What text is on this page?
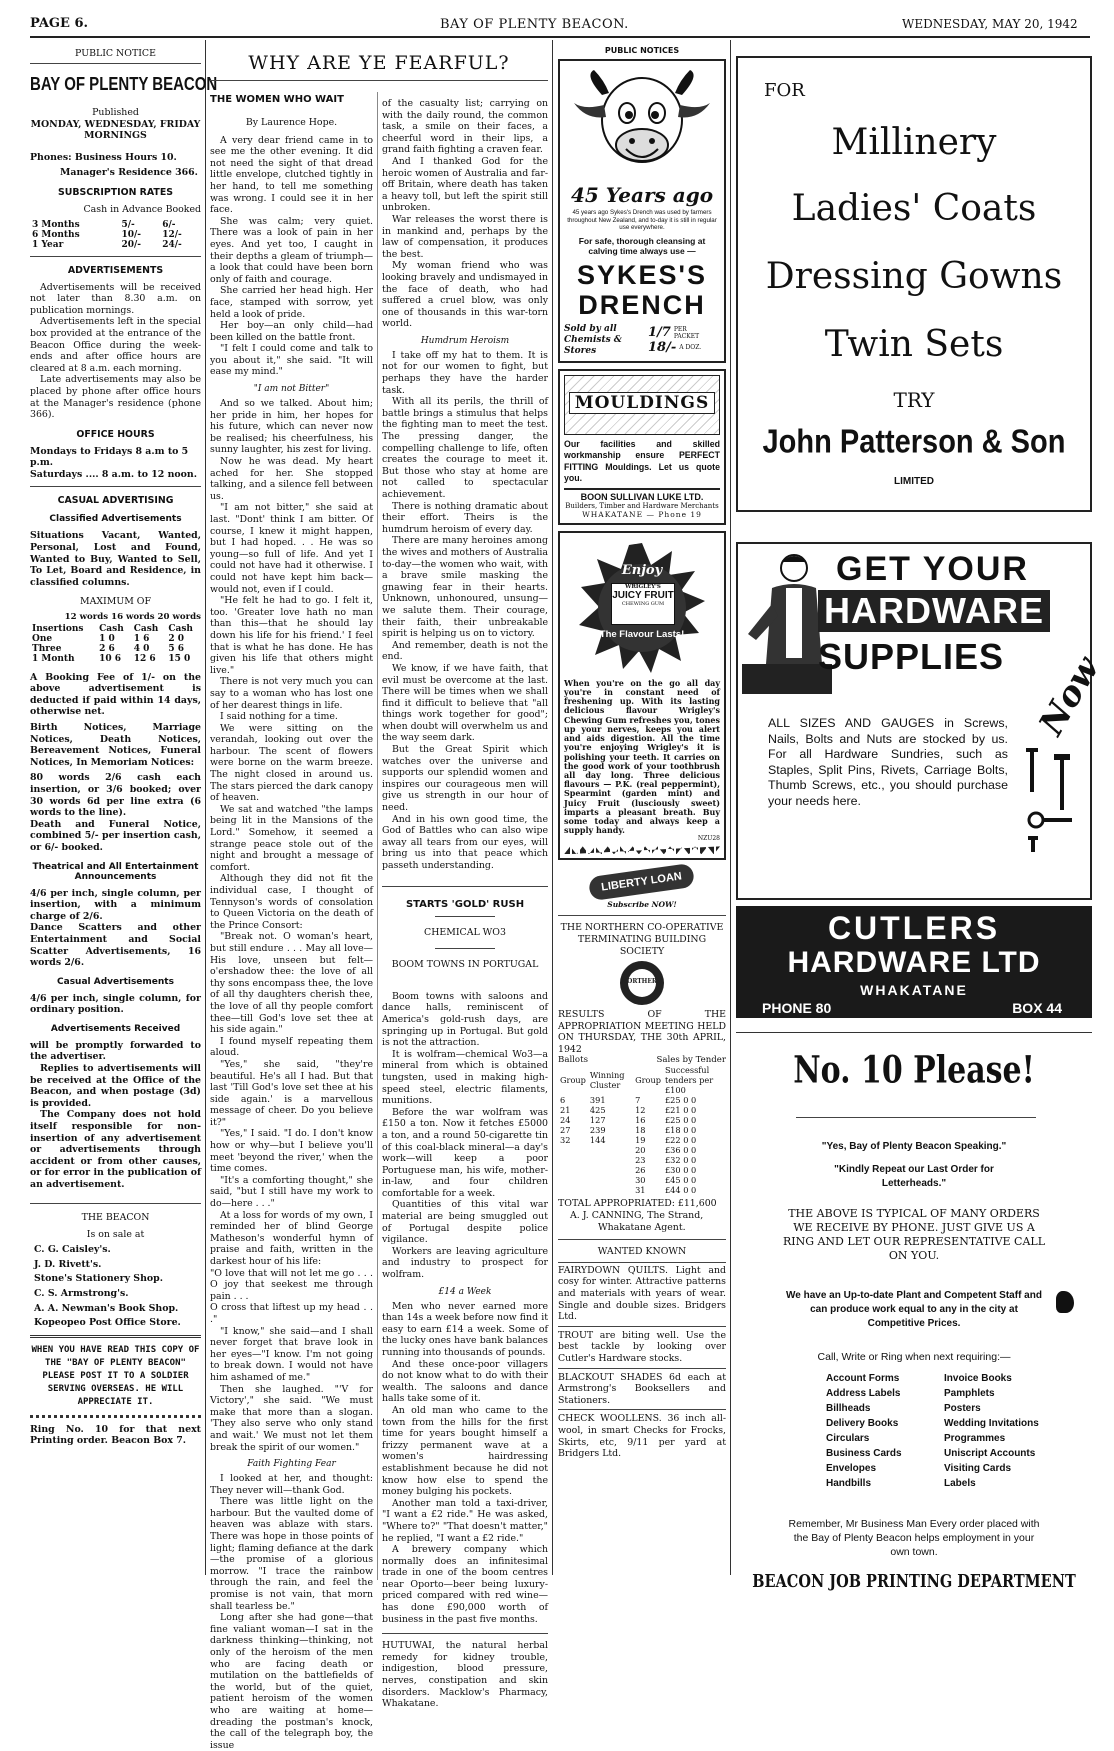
PAGE 6.	BAY OF PLENTY BEACON.	WEDNESDAY, MAY 20, 1942

PUBLIC NOTICE

BAY OF PLENTY BEACON

Published

MONDAY, WEDNESDAY, FRIDAY

MORNINGS

Phones: Business Hours 10.

Manager's Residence 366.

SUBSCRIPTION RATES

Cash in Advance Booked

3 Months	5/-	6/-
6 Months	10/-	12/-
1 Year	20/-	24/-

ADVERTISEMENTS

Advertisements will be received not later than 8.30 a.m. on publication mornings.

Advertisements left in the special box provided at the entrance of the Beacon Office during the week-ends and after office hours are cleared at 8 a.m. each morning.

Late advertisements may also be placed by phone after office hours at the Manager's residence (phone 366).

OFFICE HOURS

Mondays to Fridays 8 a.m to 5 p.m.

Saturdays .... 8 a.m. to 12 noon.

CASUAL ADVERTISING

Classified Advertisements

Situations Vacant, Wanted, Personal, Lost and Found, Wanted to Buy, Wanted to Sell, To Let, Board and Residence, in classified columns.

MAXIMUM OF

12 words 16 words 20 words

Insertions	Cash	Cash	Cash
One	1 0	1 6	2 0
Three	2 6	4 0	5 6
1 Month	10 6	12 6	15 0

A Booking Fee of 1/- on the above advertisement is deducted if paid within 14 days, otherwise net.

Birth Notices, Marriage Notices, Death Notices, Bereavement Notices, Funeral Notices, In Memoriam Notices:

80 words 2/6 cash each insertion, or 3/6 booked; over 30 words 6d per line extra (6 words to the line).

Death and Funeral Notice, combined 5/- per insertion cash, or 6/- booked.

Theatrical and All Entertainment Announcements

4/6 per inch, single column, per insertion, with a minimum charge of 2/6.

Dance Scatters and other Entertainment and Social Scatter Advertisements, 16 words 2/6.

Casual Advertisements

4/6 per inch, single column, for ordinary position.

Advertisements Received

will be promptly forwarded to the advertiser.

Replies to advertisements will be received at the Office of the Beacon, and when postage (3d) is provided.

The Company does not hold itself responsible for non-insertion of any advertisement or advertisements through accident or from other causes, or for error in the publication of an advertisement.

THE BEACON

Is on sale at

C. G. Caisley's.

J. D. Rivett's.

Stone's Stationery Shop.

C. S. Armstrong's.

A. A. Newman's Book Shop.

Kopeopeo Post Office Store.

WHEN YOU HAVE READ THIS COPY OF THE "BAY OF PLENTY BEACON" PLEASE POST IT TO A SOLDIER SERVING OVERSEAS. HE WILL APPRECIATE IT.

Ring No. 10 for that next Printing order. Beacon Box 7.

WHY ARE YE FEARFUL?

THE WOMEN WHO WAIT

By Laurence Hope.

A very dear friend came in to see me the other evening. It did not need the sight of that dread little envelope, clutched tightly in her hand, to tell me something was wrong. I could see it in her face.

She was calm; very quiet. There was a look of pain in her eyes. And yet too, I caught in their depths a gleam of triumph—a look that could have been born only of faith and courage.

She carried her head high. Her face, stamped with sorrow, yet held a look of pride.

Her boy—an only child—had been killed on the battle front.

"I felt I could come and talk to you about it," she said. "It will ease my mind."

"I am not Bitter"

And so we talked. About him; her pride in him, her hopes for his future, which can never now be realised; his cheerfulness, his sunny laughter, his zest for living.

Now he was dead. My heart ached for her. She stopped talking, and a silence fell between us.

"I am not bitter," she said at last. "Dont' think I am bitter. Of course, I knew it might happen, but I had hoped. . . He was so young—so full of life. And yet I could not have had it otherwise. I could not have kept him back—would not, even if I could.

"He felt he had to go. I felt it, too. 'Greater love hath no man than this—that he should lay down his life for his friend.' I feel that is what he has done. He has given his life that others might live."

There is not very much you can say to a woman who has lost one of her dearest things in life.

I said nothing for a time.

We were sitting on the verandah, looking out over the harbour. The scent of flowers were borne on the warm breeze. The night closed in around us. The stars pierced the dark canopy of heaven.

We sat and watched "the lamps being lit in the Mansions of the Lord." Somehow, it seemed a strange peace stole out of the night and brought a message of comfort.

Although they did not fit the individual case, I thought of Tennyson's words of consolation to Queen Victoria on the death of the Prince Consort:

"Break not. O woman's heart, but still endure . . . May all love—His love, unseen but felt—o'ershadow thee: the love of all thy sons encompass thee, the love of all thy daughters cherish thee, the love of all thy people comfort thee—till God's love set thee at his side again."

I found myself repeating them aloud.

"Yes," she said, "they're beautiful. He's all I had. But that last 'Till God's love set thee at his side again.' is a marvellous message of cheer. Do you believe it?"

"Yes," I said. "I do. I don't know how or why—but I believe you'll meet 'beyond the river,' when the time comes.

"It's a comforting thought," she said, "but I still have my work to do—here . . ."

At a loss for words of my own, I reminded her of blind George Matheson's wonderful hymn of praise and faith, written in the darkest hour of his life:

"O love that will not let me go . . . O joy that seekest me through pain . . .

O cross that liftest up my head . . ."

"I know," she said—and I shall never forget that brave look in her eyes—"I know. I'm not going to break down. I would not have him ashamed of me."

Then she laughed. "'V for Victory'," she said. "We must make that more than a slogan. 'They also serve who only stand and wait.' We must not let them break the spirit of our women."

Faith Fighting Fear

I looked at her, and thought: They never will—thank God.

There was little light on the harbour. But the vaulted dome of heaven was ablaze with stars. There was hope in those points of light; flaming defiance at the dark—the promise of a glorious morrow. "I trace the rainbow through the rain, and feel the promise is not vain, that morn shall tearless be."

Long after she had gone—that fine valiant woman—I sat in the darkness thinking—thinking, not only of the heroism of the men who are facing death or mutilation on the battlefields of the world, but of the quiet, patient heroism of the women who are waiting at home—dreading the postman's knock, the call of the telegraph boy, the issue

of the casualty list; carrying on with the daily round, the common task, a smile on their faces, a cheerful word in their lips, a grand faith fighting a craven fear.

And I thanked God for the heroic women of Australia and far-off Britain, where death has taken a heavy toll, but left the spirit still unbroken.

War releases the worst there is in mankind and, perhaps by the law of compensation, it produces the best.

My woman friend who was looking bravely and undismayed in the face of death, who had suffered a cruel blow, was only one of thousands in this war-torn world.

Humdrum Heroism

I take off my hat to them. It is not for our women to fight, but perhaps they have the harder task.

With all its perils, the thrill of battle brings a stimulus that helps the fighting man to meet the test. The pressing danger, the compelling challenge to life, often creates the courage to meet it. But those who stay at home are not called to spectacular achievement.

There is nothing dramatic about their effort. Theirs is the humdrum heroism of every day.

There are many heroines among the wives and mothers of Australia to-day—the women who wait, with a brave smile masking the gnawing fear in their hearts. Unknown, unhonoured, unsung—we salute them. Their courage, their faith, their unbreakable spirit is helping us on to victory.

And remember, death is not the end.

We know, if we have faith, that evil must be overcome at the last. There will be times when we shall find it difficult to believe that "all things work together for good"; when doubt will overwhelm us and the way seem dark.

But the Great Spirit which watches over the universe and supports our splendid women and inspires our courageous men will give us strength in our hour of need.

And in his own good time, the God of Battles who can also wipe away all tears from our eyes, will bring us into that peace which passeth understanding.

STARTS 'GOLD' RUSH

CHEMICAL WO3

BOOM TOWNS IN PORTUGAL

Boom towns with saloons and dance halls, reminiscent of America's gold-rush days, are springing up in Portugal. But gold is not the attraction.

It is wolfram—chemical Wo3—a mineral from which is obtained tungsten, used in making high-speed steel, electric filaments, munitions.

Before the war wolfram was £150 a ton. Now it fetches £5000 a ton, and a round 50-cigarette tin of this coal-black mineral—a day's work—will keep a poor Portuguese man, his wife, mother-in-law, and four children comfortable for a week.

Quantities of this vital war material are being smuggled out of Portugal despite police vigilance.

Workers are leaving agriculture and industry to prospect for wolfram.

£14 a Week

Men who never earned more than 14s a week before now find it easy to earn £14 a week. Some of the lucky ones have bank balances running into thousands of pounds.

And these once-poor villagers do not know what to do with their wealth. The saloons and dance halls take some of it.

An old man who came to the town from the hills for the first time for years bought himself a frizzy permanent wave at a women's hairdressing establishment because he did not know how else to spend the money bulging his pockets.

Another man told a taxi-driver, "I want a £2 ride." He was asked, "Where to?" "That doesn't matter," he replied, "I want a £2 ride."

A brewery company which normally does an infinitesimal trade in one of the boom centres near Oporto—beer being luxury-priced compared with red wine—has done £90,000 worth of business in the past five months.

HUTUWAI, the natural herbal remedy for kidney trouble, indigestion, blood pressure, nerves, constipation and skin disorders. Macklow's Pharmacy, Whakatane.

PUBLIC NOTICES

45 Years ago

45 years ago Sykes's Drench was used by farmers throughout New Zealand, and to-day it is still in regular use everywhere.

For safe, thorough cleansing at calving time always use —

SYKES'S

DRENCH

Sold by all Chemists & Stores

1/7 PER PACKET
18/- A DOZ.

MOULDINGS

Our facilities and skilled workmanship ensure PERFECT FITTING Mouldings. Let us quote you.

BOON SULLIVAN LUKE LTD.

Builders, Timber and Hardware Merchants

WHAKATANE — Phone 19

Enjoy

WRIGLEY'S

JUICY FRUIT

CHEWING GUM

The Flavour Lasts!

When you're on the go all day you're in constant need of freshening up. With its lasting delicious flavour Wrigley's Chewing Gum refreshes you, tones up your nerves, keeps you alert and aids digestion. All the time you're enjoying Wrigley's it is polishing your teeth. It carries on the good work of your toothbrush all day long. Three delicious flavours — P.K. (real peppermint), Spearmint (garden mint) and Juicy Fruit (lusciously sweet) imparts a pleasant breath. Buy some today and always keep a supply handy.

NZU28

LIBERTY LOAN

Subscribe NOW!

THE NORTHERN CO-OPERATIVE

TERMINATING BUILDING

SOCIETY

NORTHERN

RESULTS OF THE APPROPRIATION MEETING HELD ON THURSDAY, THE 30th APRIL, 1942

Ballots	Sales by Tender
Group	Winning Cluster	Group	Successful tenders per £100
6	391	7	£25 0 0
21	425	12	£21 0 0
24	127	16	£25 0 0
27	239	18	£18 0 0
32	144	19	£22 0 0
		20	£36 0 0
		23	£32 0 0
		26	£30 0 0
		30	£45 0 0
		31	£44 0 0

TOTAL APPROPRIATED: £11,600

A. J. CANNING, The Strand,

Whakatane Agent.

WANTED KNOWN

FAIRYDOWN QUILTS. Light and cosy for winter. Attractive patterns and materials with years of wear. Single and double sizes. Bridgers Ltd.

TROUT are biting well. Use the best tackle by looking over Cutler's Hardware stocks.

BLACKOUT SHADES 6d each at Armstrong's Booksellers and Stationers.

CHECK WOOLLENS. 36 inch all-wool, in smart Checks for Frocks, Skirts, etc, 9/11 per yard at Bridgers Ltd.

FOR

Millinery

Ladies' Coats

Dressing Gowns

Twin Sets

TRY

John Patterson & Son

LIMITED

GET YOUR

HARDWARE

SUPPLIES Now

ALL SIZES AND GAUGES in Screws, Nails, Bolts and Nuts are stocked by us. For all Hardware Sundries, such as Staples, Split Pins, Rivets, Carriage Bolts, Thumb Screws, etc., you should purchase your needs here.

CUTLERS

HARDWARE LTD

WHAKATANE

PHONE 80	BOX 44

No. 10 Please!

"Yes, Bay of Plenty Beacon Speaking."

"Kindly Repeat our Last Order for Letterheads."

THE ABOVE IS TYPICAL OF MANY ORDERS WE RECEIVE BY PHONE. JUST GIVE US A RING AND LET OUR REPRESENTATIVE CALL ON YOU.

We have an Up-to-date Plant and Competent Staff and can produce work equal to any in the city at Competitive Prices.

Call, Write or Ring when next requiring:—

Account Forms

Address Labels

Billheads

Delivery Books

Circulars

Business Cards

Envelopes

Handbills

Invoice Books

Pamphlets

Posters

Wedding Invitations

Programmes

Uniscript Accounts

Visiting Cards

Labels

Remember, Mr Business Man Every order placed with the Bay of Plenty Beacon helps employment in your own town.

BEACON JOB PRINTING DEPARTMENT
